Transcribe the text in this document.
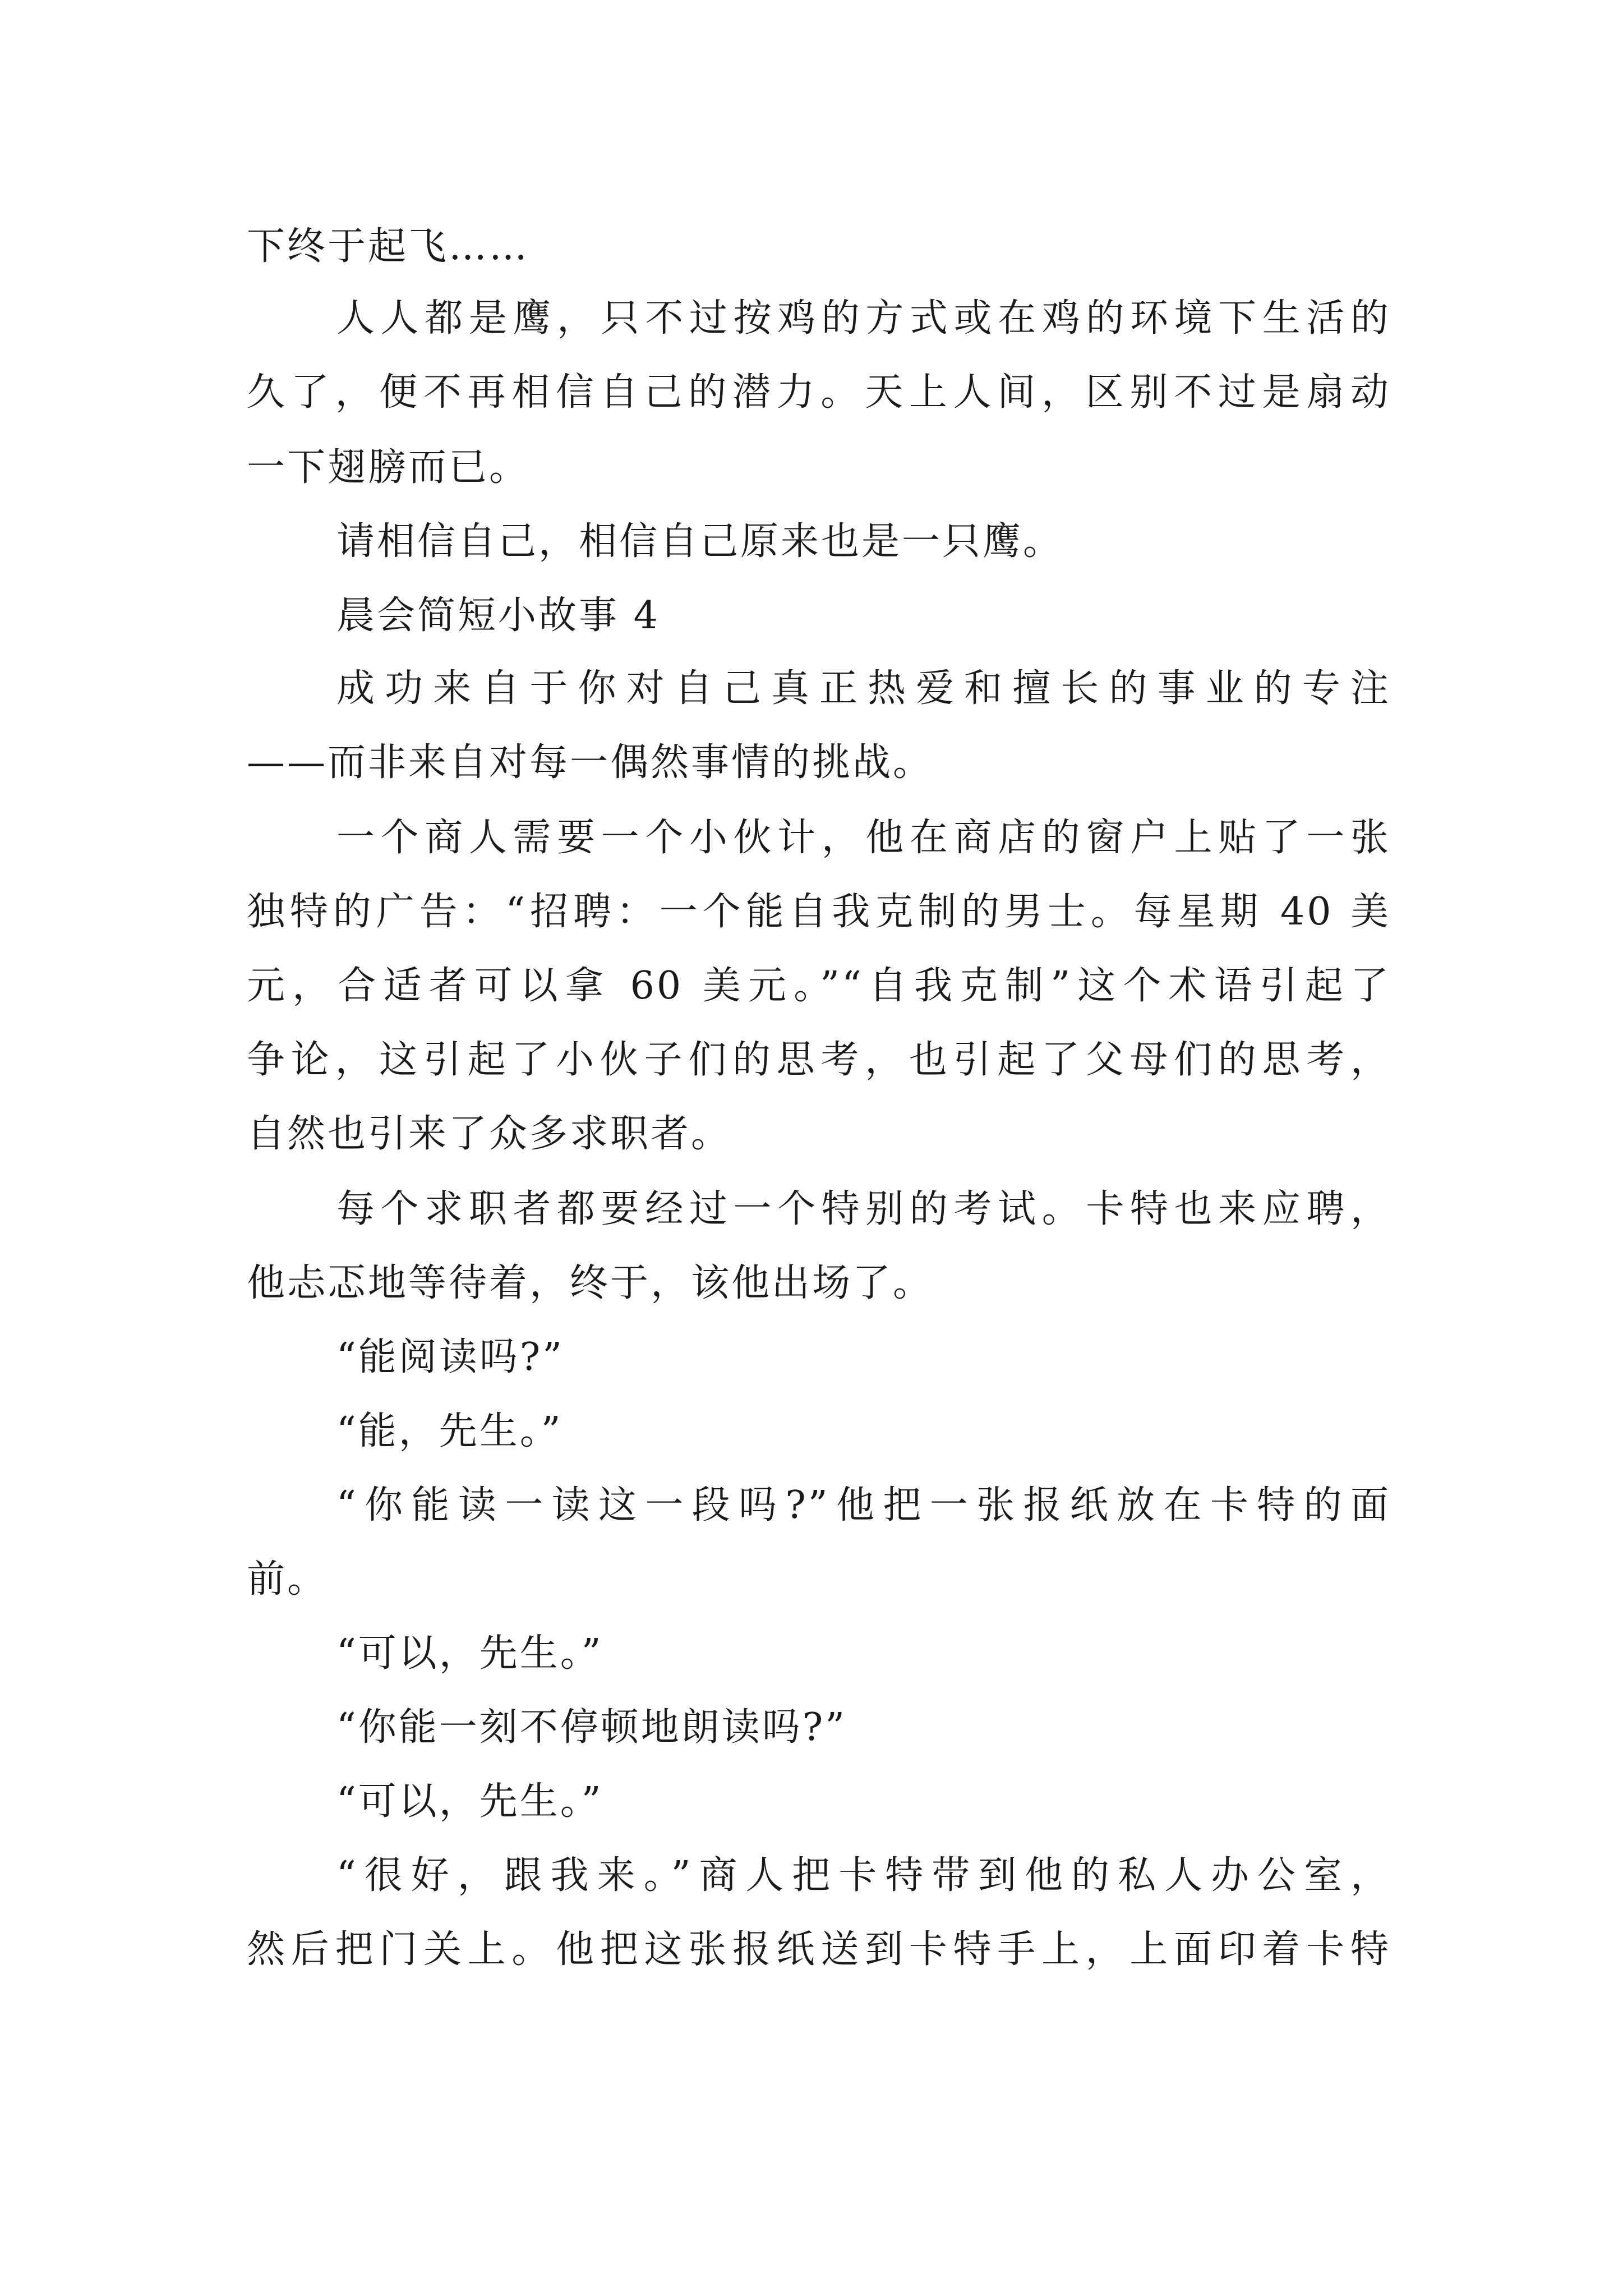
下终于起飞……
人人都是鹰，只不过按鸡的方式或在鸡的环境下生活的
久了，便不再相信自己的潜力。天上人间，区别不过是扇动
一下翅膀而已。
请相信自己，相信自己原来也是一只鹰。
晨会简短小故事 4
成功来自于你对自己真正热爱和擅长的事业的专注
——而非来自对每一偶然事情的挑战。
一个商人需要一个小伙计，他在商店的窗户上贴了一张
独特的广告：“招聘：一个能自我克制的男士。每星期 40 美
元，合适者可以拿 60 美元。”“自我克制”这个术语引起了
争论，这引起了小伙子们的思考，也引起了父母们的思考，
自然也引来了众多求职者。
每个求职者都要经过一个特别的考试。卡特也来应聘，
他忐忑地等待着，终于，该他出场了。
“能阅读吗?”
“能，先生。”
“你能读一读这一段吗?”他把一张报纸放在卡特的面
前。
“可以，先生。”
“你能一刻不停顿地朗读吗?”
“可以，先生。”
“很好，跟我来。”商人把卡特带到他的私人办公室，
然后把门关上。他把这张报纸送到卡特手上，上面印着卡特
